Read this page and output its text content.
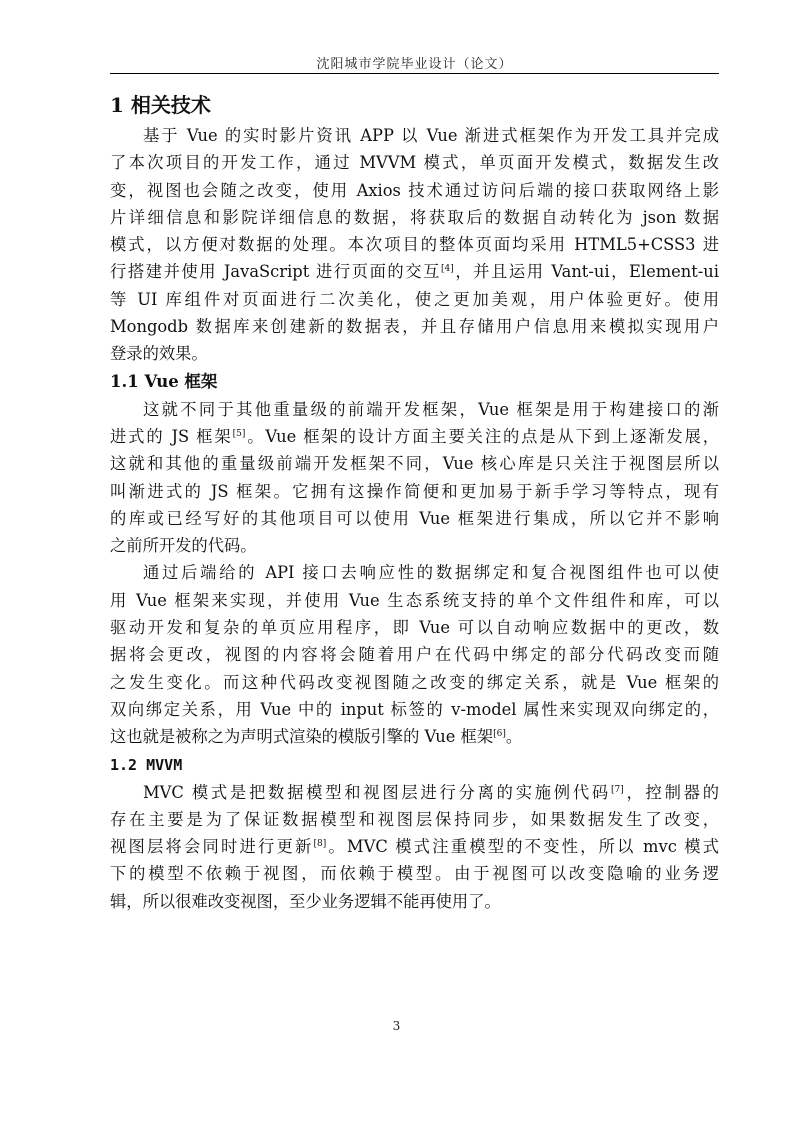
沈阳城市学院毕业设计（论文）
1 相关技术
基于 Vue 的实时影片资讯 APP 以 Vue 渐进式框架作为开发工具并完成
了本次项目的开发工作，通过 MVVM 模式，单页面开发模式，数据发生改
变，视图也会随之改变，使用 Axios 技术通过访问后端的接口获取网络上影
片详细信息和影院详细信息的数据，将获取后的数据自动转化为 json 数据
模式，以方便对数据的处理。本次项目的整体页面均采用 HTML5+CSS3 进
行搭建并使用 JavaScript 进行页面的交互[4]，并且运用 Vant-ui，Element-ui
等 UI 库组件对页面进行二次美化，使之更加美观，用户体验更好。使用
Mongodb 数据库来创建新的数据表，并且存储用户信息用来模拟实现用户
登录的效果。
1.1 Vue 框架
这就不同于其他重量级的前端开发框架，Vue 框架是用于构建接口的渐
进式的 JS 框架[5]。Vue 框架的设计方面主要关注的点是从下到上逐渐发展，
这就和其他的重量级前端开发框架不同，Vue 核心库是只关注于视图层所以
叫渐进式的 JS 框架。它拥有这操作简便和更加易于新手学习等特点，现有
的库或已经写好的其他项目可以使用 Vue 框架进行集成，所以它并不影响
之前所开发的代码。
通过后端给的 API 接口去响应性的数据绑定和复合视图组件也可以使
用 Vue 框架来实现，并使用 Vue 生态系统支持的单个文件组件和库，可以
驱动开发和复杂的单页应用程序，即 Vue 可以自动响应数据中的更改，数
据将会更改，视图的内容将会随着用户在代码中绑定的部分代码改变而随
之发生变化。而这种代码改变视图随之改变的绑定关系，就是 Vue 框架的
双向绑定关系，用 Vue 中的 input 标签的 v-model 属性来实现双向绑定的，
这也就是被称之为声明式渲染的模版引擎的 Vue 框架[6]。
1.2 MVVM
MVC 模式是把数据模型和视图层进行分离的实施例代码[7]，控制器的
存在主要是为了保证数据模型和视图层保持同步，如果数据发生了改变，
视图层将会同时进行更新[8]。MVC 模式注重模型的不变性，所以 mvc 模式
下的模型不依赖于视图，而依赖于模型。由于视图可以改变隐喻的业务逻
辑，所以很难改变视图，至少业务逻辑不能再使用了。
3
